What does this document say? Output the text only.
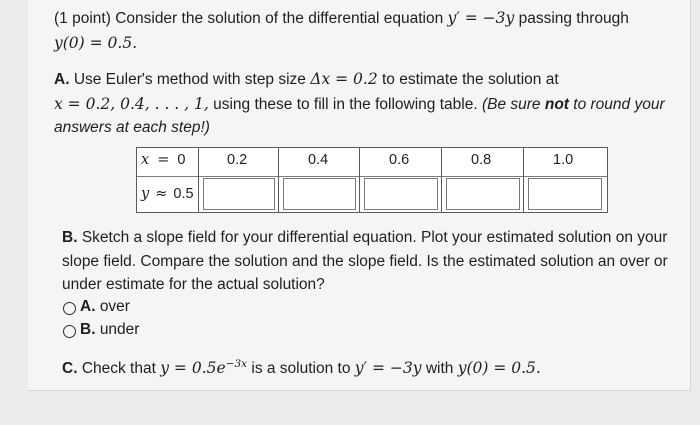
(1 point) Consider the solution of the differential equation y′ = −3y passing through
y(0) = 0.5.
A. Use Euler's method with step size Δx = 0.2 to estimate the solution at
x = 0.2, 0.4, . . . , 1, using these to fill in the following table. (Be sure not to round your
answers at each step!)
x = 0	0.2	0.4	0.6	0.8	1.0
y ≈ 0.5
B. Sketch a slope field for your differential equation. Plot your estimated solution on your
slope field. Compare the solution and the slope field. Is the estimated solution an over or
under estimate for the actual solution?
A. over
B. under
C. Check that $y = 0.5e^{-3x}$ is a solution to y′ = −3y with y(0) = 0.5.
